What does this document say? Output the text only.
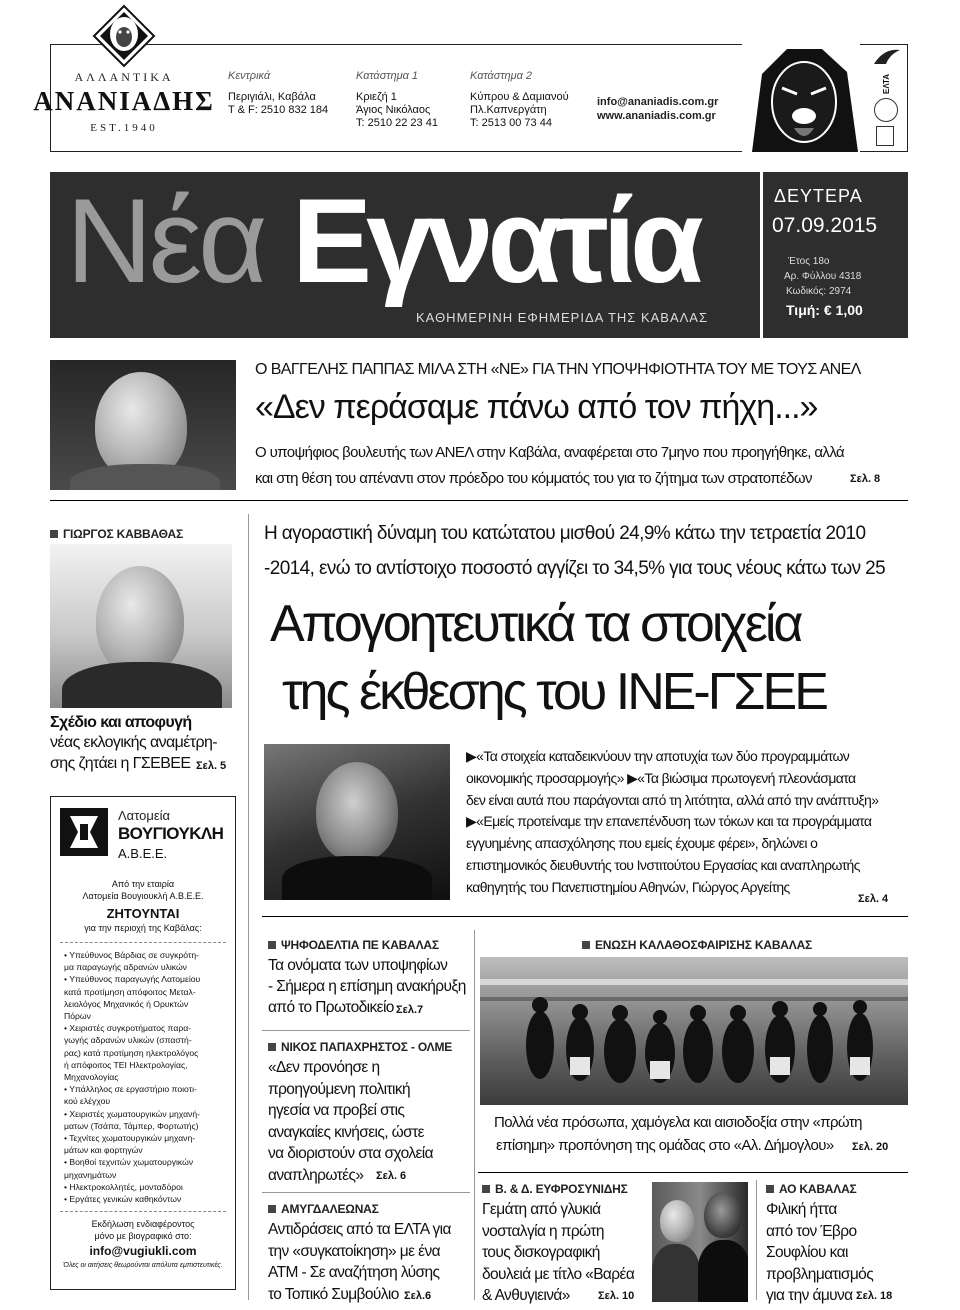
ΑΛΛΑΝΤΙΚΑ
ΑΝΑΝΙΑΔΗΣ
EST.1940
Κεντρικά
Περιγιάλι, Καβάλα
T & F: 2510 832 184
Κατάστημα 1
Κριεζή 1
Άγιος Νικόλαος
T: 2510 22 23 41
Κατάστημα 2
Κύπρου & Δαμιανού
Πλ.Καπνεργάτη
T: 2513 00 73 44
info@ananiadis.com.gr
www.ananiadis.com.gr
ΕΛΤΑ
Νέα Εγνατία
ΚΑΘΗΜΕΡΙΝΗ ΕΦΗΜΕΡΙΔΑ ΤΗΣ ΚΑΒΑΛΑΣ
ΔΕΥΤΕΡΑ
07.09.2015
Έτος 18ο
Αρ. Φύλλου 4318
Κωδικός: 2974
Τιμή: € 1,00
Ο ΒΑΓΓΕΛΗΣ ΠΑΠΠΑΣ ΜΙΛΑ ΣΤΗ «ΝΕ» ΓΙΑ ΤΗΝ ΥΠΟΨΗΦΙΟΤΗΤΑ ΤΟΥ ΜΕ ΤΟΥΣ ΑΝΕΛ
«Δεν περάσαμε πάνω από τον πήχη...»
Ο υποψήφιος βουλευτής των ΑΝΕΛ στην Καβάλα, αναφέρεται στο 7μηνο που προηγήθηκε, αλλά
και στη θέση του απέναντι στον πρόεδρο του κόμματός του για το ζήτημα των στρατοπέδων	Σελ. 8
ΓΙΩΡΓΟΣ ΚΑΒΒΑΘΑΣ
Σχέδιο και αποφυγή
νέας εκλογικής αναμέτρη-
σης ζητάει η ΓΣΕΒΕΕ Σελ. 5
Η αγοραστική δύναμη του κατώτατου μισθού 24,9% κάτω την τετραετία 2010
-2014, ενώ το αντίστοιχο ποσοστό αγγίζει το 34,5% για τους νέους κάτω των 25
Απογοητευτικά τα στοιχεία
της έκθεσης του ΙΝΕ-ΓΣΕΕ
▶«Τα στοιχεία καταδεικνύουν την αποτυχία των δύο προγραμμάτων
οικονομικής προσαρμογής» ▶«Τα βιώσιμα πρωτογενή πλεονάσματα
δεν είναι αυτά που παράγονται από τη λιτότητα, αλλά από την ανάπτυξη»
▶«Εμείς προτείναμε την επανεπένδυση των τόκων και τα προγράμματα
εγγυημένης απασχόλησης που εμείς έχουμε φέρει», δηλώνει ο
επιστημονικός διευθυντής του Ινστιτούτου Εργασίας και αναπληρωτής
καθηγητής του Πανεπιστημίου Αθηνών, Γιώργος Αργείτης
Σελ. 4
Λατομεία
ΒΟΥΓΙΟΥΚΛΗ
Α.Β.Ε.Ε.
Από την εταιρία
Λατομεία Βουγιουκλή Α.Β.Ε.Ε.
ΖΗΤΟΥΝΤΑΙ
για την περιοχή της Καβάλας:
• Υπεύθυνος Βάρδιας σε συγκρότη-
μα παραγωγής αδρανών υλικών
• Υπεύθυνος παραγωγής Λατομείου
κατά προτίμηση απόφοιτος Μεταλ-
λειολόγος Μηχανικός ή Ορυκτών
Πόρων
• Χειριστές συγκροτήματος παρα-
γωγής αδρανών υλικών (σπαστή-
ρας) κατά προτίμηση ηλεκτρολόγος
ή απόφοιτος ΤΕΙ Ηλεκτρολογίας,
Μηχανολογίας
• Υπάλληλος σε εργαστήριο ποιοτι-
κού ελέγχου
• Χειριστές χωματουργικών μηχανή-
ματων (Τσάπα, Τάμπερ, Φορτωτής)
• Τεχνίτες χωματουργικών μηχανη-
μάτων και φορτηγών
• Βοηθοί τεχνιτών χωματουργικών
μηχανημάτων
• Ηλεκτροκολλητές, μονταδόροι
• Εργάτες γενικών καθηκόντων
Εκδήλωση ενδιαφέροντος
μόνο με βιογραφικό στο:
info@vugiukli.com
Όλες οι αιτήσεις θεωρούνται απόλυτα εμπιστευτικές.
ΨΗΦΟΔΕΛΤΙΑ ΠΕ ΚΑΒΑΛΑΣ
Τα ονόματα των υποψηφίων
- Σήμερα η επίσημη ανακήρυξη
από το Πρωτοδικείο Σελ.7
ΝΙΚΟΣ ΠΑΠΑΧΡΗΣΤΟΣ - ΟΛΜΕ
«Δεν προνόησε η
προηγούμενη πολιτική
ηγεσία να προβεί στις
αναγκαίες κινήσεις, ώστε
να διοριστούν στα σχολεία
αναπληρωτές»	Σελ. 6
ΑΜΥΓΔΑΛΕΩΝΑΣ
Αντιδράσεις από τα ΕΛΤΑ για
την «συγκατοίκηση» με ένα
ΑΤΜ - Σε αναζήτηση λύσης
το Τοπικό Συμβούλιο Σελ.6
ΕΝΩΣΗ ΚΑΛΑΘΟΣΦΑΙΡΙΣΗΣ ΚΑΒΑΛΑΣ
Πολλά νέα πρόσωπα, χαμόγελα και αισιοδοξία στην «πρώτη
επίσημη» προπόνηση της ομάδας στο «Αλ. Δήμογλου» Σελ. 20
Β. & Δ. ΕΥΦΡΟΣΥΝΙΔΗΣ
Γεμάτη από γλυκιά
νοσταλγία η πρώτη
τους δισκογραφική
δουλειά με τίτλο «Βαρέα
& Ανθυγιεινά»	Σελ. 10
ΑΟ ΚΑΒΑΛΑΣ
Φιλική ήττα
από τον Έβρο
Σουφλίου και
προβληματισμός
για την άμυνα Σελ. 18
